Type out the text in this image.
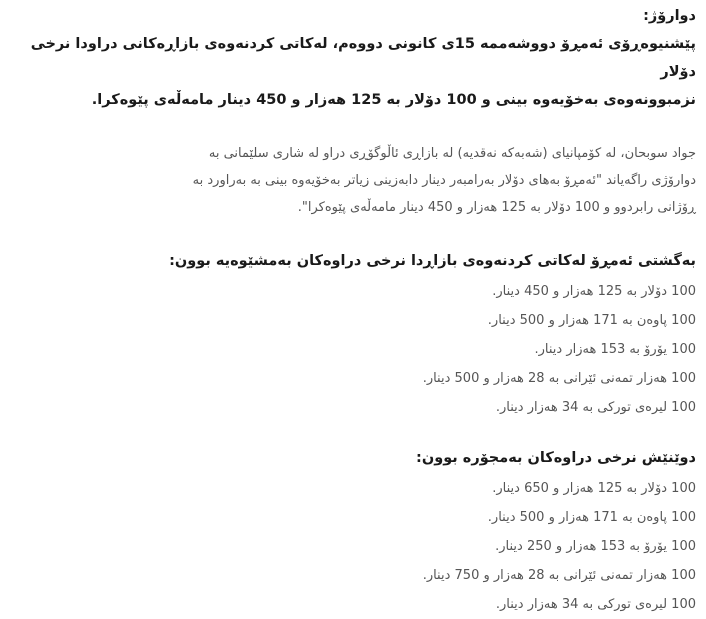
دوارۆژ:

پێشنیوەڕۆی ئەمڕۆ دووشەممە 15ی کانونی دووەم، لەکاتی کردنەوەی بازاڕەکانی دراودا نرخی دۆلار
نزمبوونەوەی بەخۆیەوە بینی و 100 دۆلار بە 125 هەزار و 450 دینار مامەڵەی پێوەکرا.

جواد سوبحان، لە کۆمپانیای (شەبەکە نەقدیە) لە بازاڕی ئاڵوگۆڕی دراو لە شاری سلێمانی بە
دوارۆژی راگەیاند "ئەمڕۆ بەهای دۆلار بەرامبەر دینار دابەزینی زیاتر بەخۆیەوە بینی بە بەراورد بە
ڕۆژانی رابردوو و 100 دۆلار بە 125 هەزار و 450 دینار مامەڵەی پێوەکرا".

بەگشتی ئەمڕۆ لەکاتی کردنەوەی بازاڕدا نرخی دراوەکان بەمشێوەیە بوون:

100 دۆلار بە 125 هەزار و 450 دینار.
100 پاوەن بە 171 هەزار و 500 دینار.
100 یۆرۆ بە 153 هەزار دینار.
100 هەزار تمەنی ئێرانی بە 28 هەزار و 500 دینار.
100 لیرەی تورکی بە 34 هەزار دینار.

دوێنێش نرخی دراوەکان بەمجۆرە بوون:

100 دۆلار بە 125 هەزار و 650 دینار.
100 پاوەن بە 171 هەزار و 500 دینار.
100 یۆرۆ بە 153 هەزار و 250 دینار.
100 هەزار تمەنی ئێرانی بە 28 هەزار و 750 دینار.
100 لیرەی تورکی بە 34 هەزار دینار.
